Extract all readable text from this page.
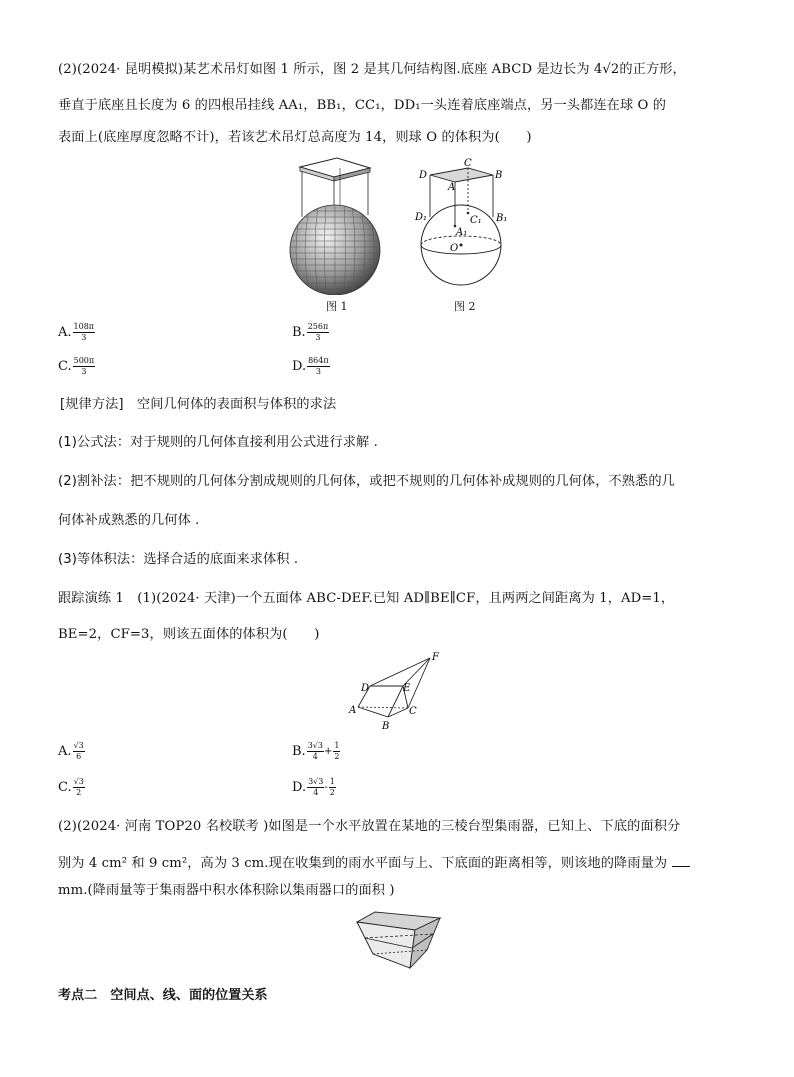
(2)(2024· 昆明模拟)某艺术吊灯如图 1 所示，图 2 是其几何结构图.底座 ABCD 是边长为 4√2的正方形，
垂直于底座且长度为 6 的四根吊挂线 AA₁，BB₁，CC₁，DD₁一头连着底座端点，另一头都连在球 O 的
表面上(底座厚度忽略不计)，若该艺术吊灯总高度为 14，则球 O 的体积为(　　)
图 1
D
C
A
B
D₁	C₁
A₁
B₁
O
图 2
A. $\frac{108\pi}{3}$	B. $\frac{256\pi}{3}$
C. $\frac{500\pi}{3}$	D. $\frac{864\pi}{3}$
[规律方法]　空间几何体的表面积与体积的求法
(1)公式法：对于规则的几何体直接利用公式进行求解 .
(2)割补法：把不规则的几何体分割成规则的几何体，或把不规则的几何体补成规则的几何体，不熟悉的几
何体补成熟悉的几何体 .
(3)等体积法：选择合适的底面来求体积 .
跟踪演练 1　(1)(2024· 天津)一个五面体 ABC-DEF.已知 AD∥BE∥CF，且两两之间距离为 1，AD=1，
BE=2，CF=3，则该五面体的体积为(　　)
F
D	E
A	C
B
A. $\frac{√3}{6}$	B. $\frac{3√3}{4} + \frac{1}{2}$
C. $\frac{√3}{2}$	D. $\frac{3√3}{4} - \frac{1}{2}$
(2)(2024· 河南 TOP20 名校联考 )如图是一个水平放置在某地的三棱台型集雨器，已知上、下底的面积分
别为 4 cm² 和 9 cm²，高为 3 cm.现在收集到的雨水平面与上、下底面的距离相等，则该地的降雨量为
mm.(降雨量等于集雨器中积水体积除以集雨器口的面积 )
考点二　空间点、线、面的位置关系
